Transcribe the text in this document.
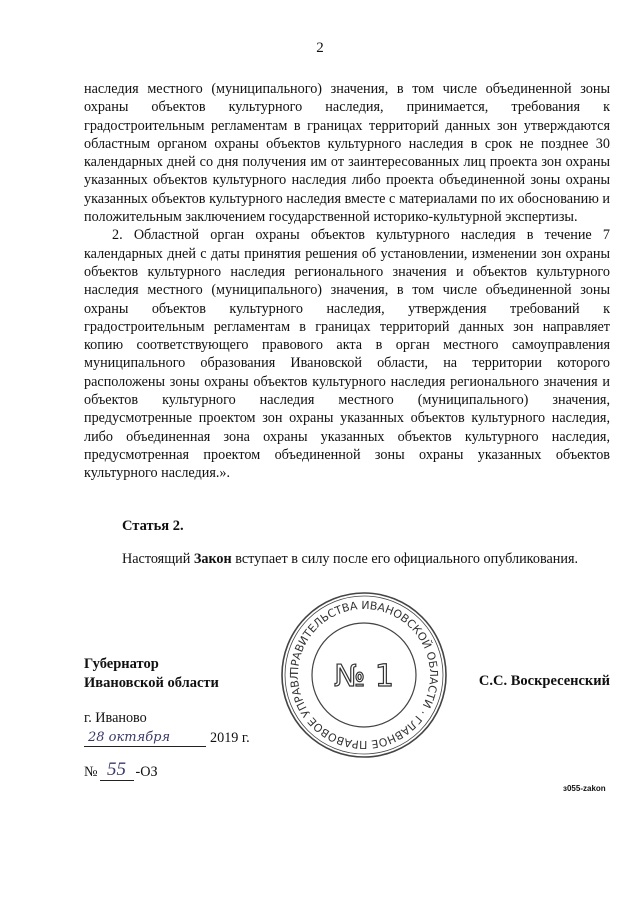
2

наследия местного (муниципального) значения, в том числе объединенной зоны охраны объектов культурного наследия, принимается, требования к градостроительным регламентам в границах территорий данных зон утверждаются областным органом охраны объектов культурного наследия в срок не позднее 30 календарных дней со дня получения им от заинтересованных лиц проекта зон охраны указанных объектов культурного наследия либо проекта объединенной зоны охраны указанных объектов культурного наследия вместе с материалами по их обоснованию и положительным заключением государственной историко-культурной экспертизы.

2. Областной орган охраны объектов культурного наследия в течение 7 календарных дней с даты принятия решения об установлении, изменении зон охраны объектов культурного наследия регионального значения и объектов культурного наследия местного (муниципального) значения, в том числе объединенной зоны охраны объектов культурного наследия, утверждения требований к градостроительным регламентам в границах территорий данных зон направляет копию соответствующего правового акта в орган местного самоуправления муниципального образования Ивановской области, на территории которого расположены зоны охраны объектов культурного наследия регионального значения и объектов культурного наследия местного (муниципального) значения, предусмотренные проектом зон охраны указанных объектов культурного наследия, либо объединенная зона охраны указанных объектов культурного наследия, предусмотренная проектом объединенной зоны охраны указанных объектов культурного наследия.».

Статья 2.
Настоящий Закон вступает в силу после его официального опубликования.
ПРАВИТЕЛЬСТВА ИВАНОВСКОЙ ОБЛАСТИ · ГЛАВНОЕ ПРАВОВОЕ УПРАВЛ	№ 1
Губернатор
Ивановской области	С.С. Воскресенский
г. Иваново
28 октября	2019 г.
№ 55 -ОЗ
з055-zakon
